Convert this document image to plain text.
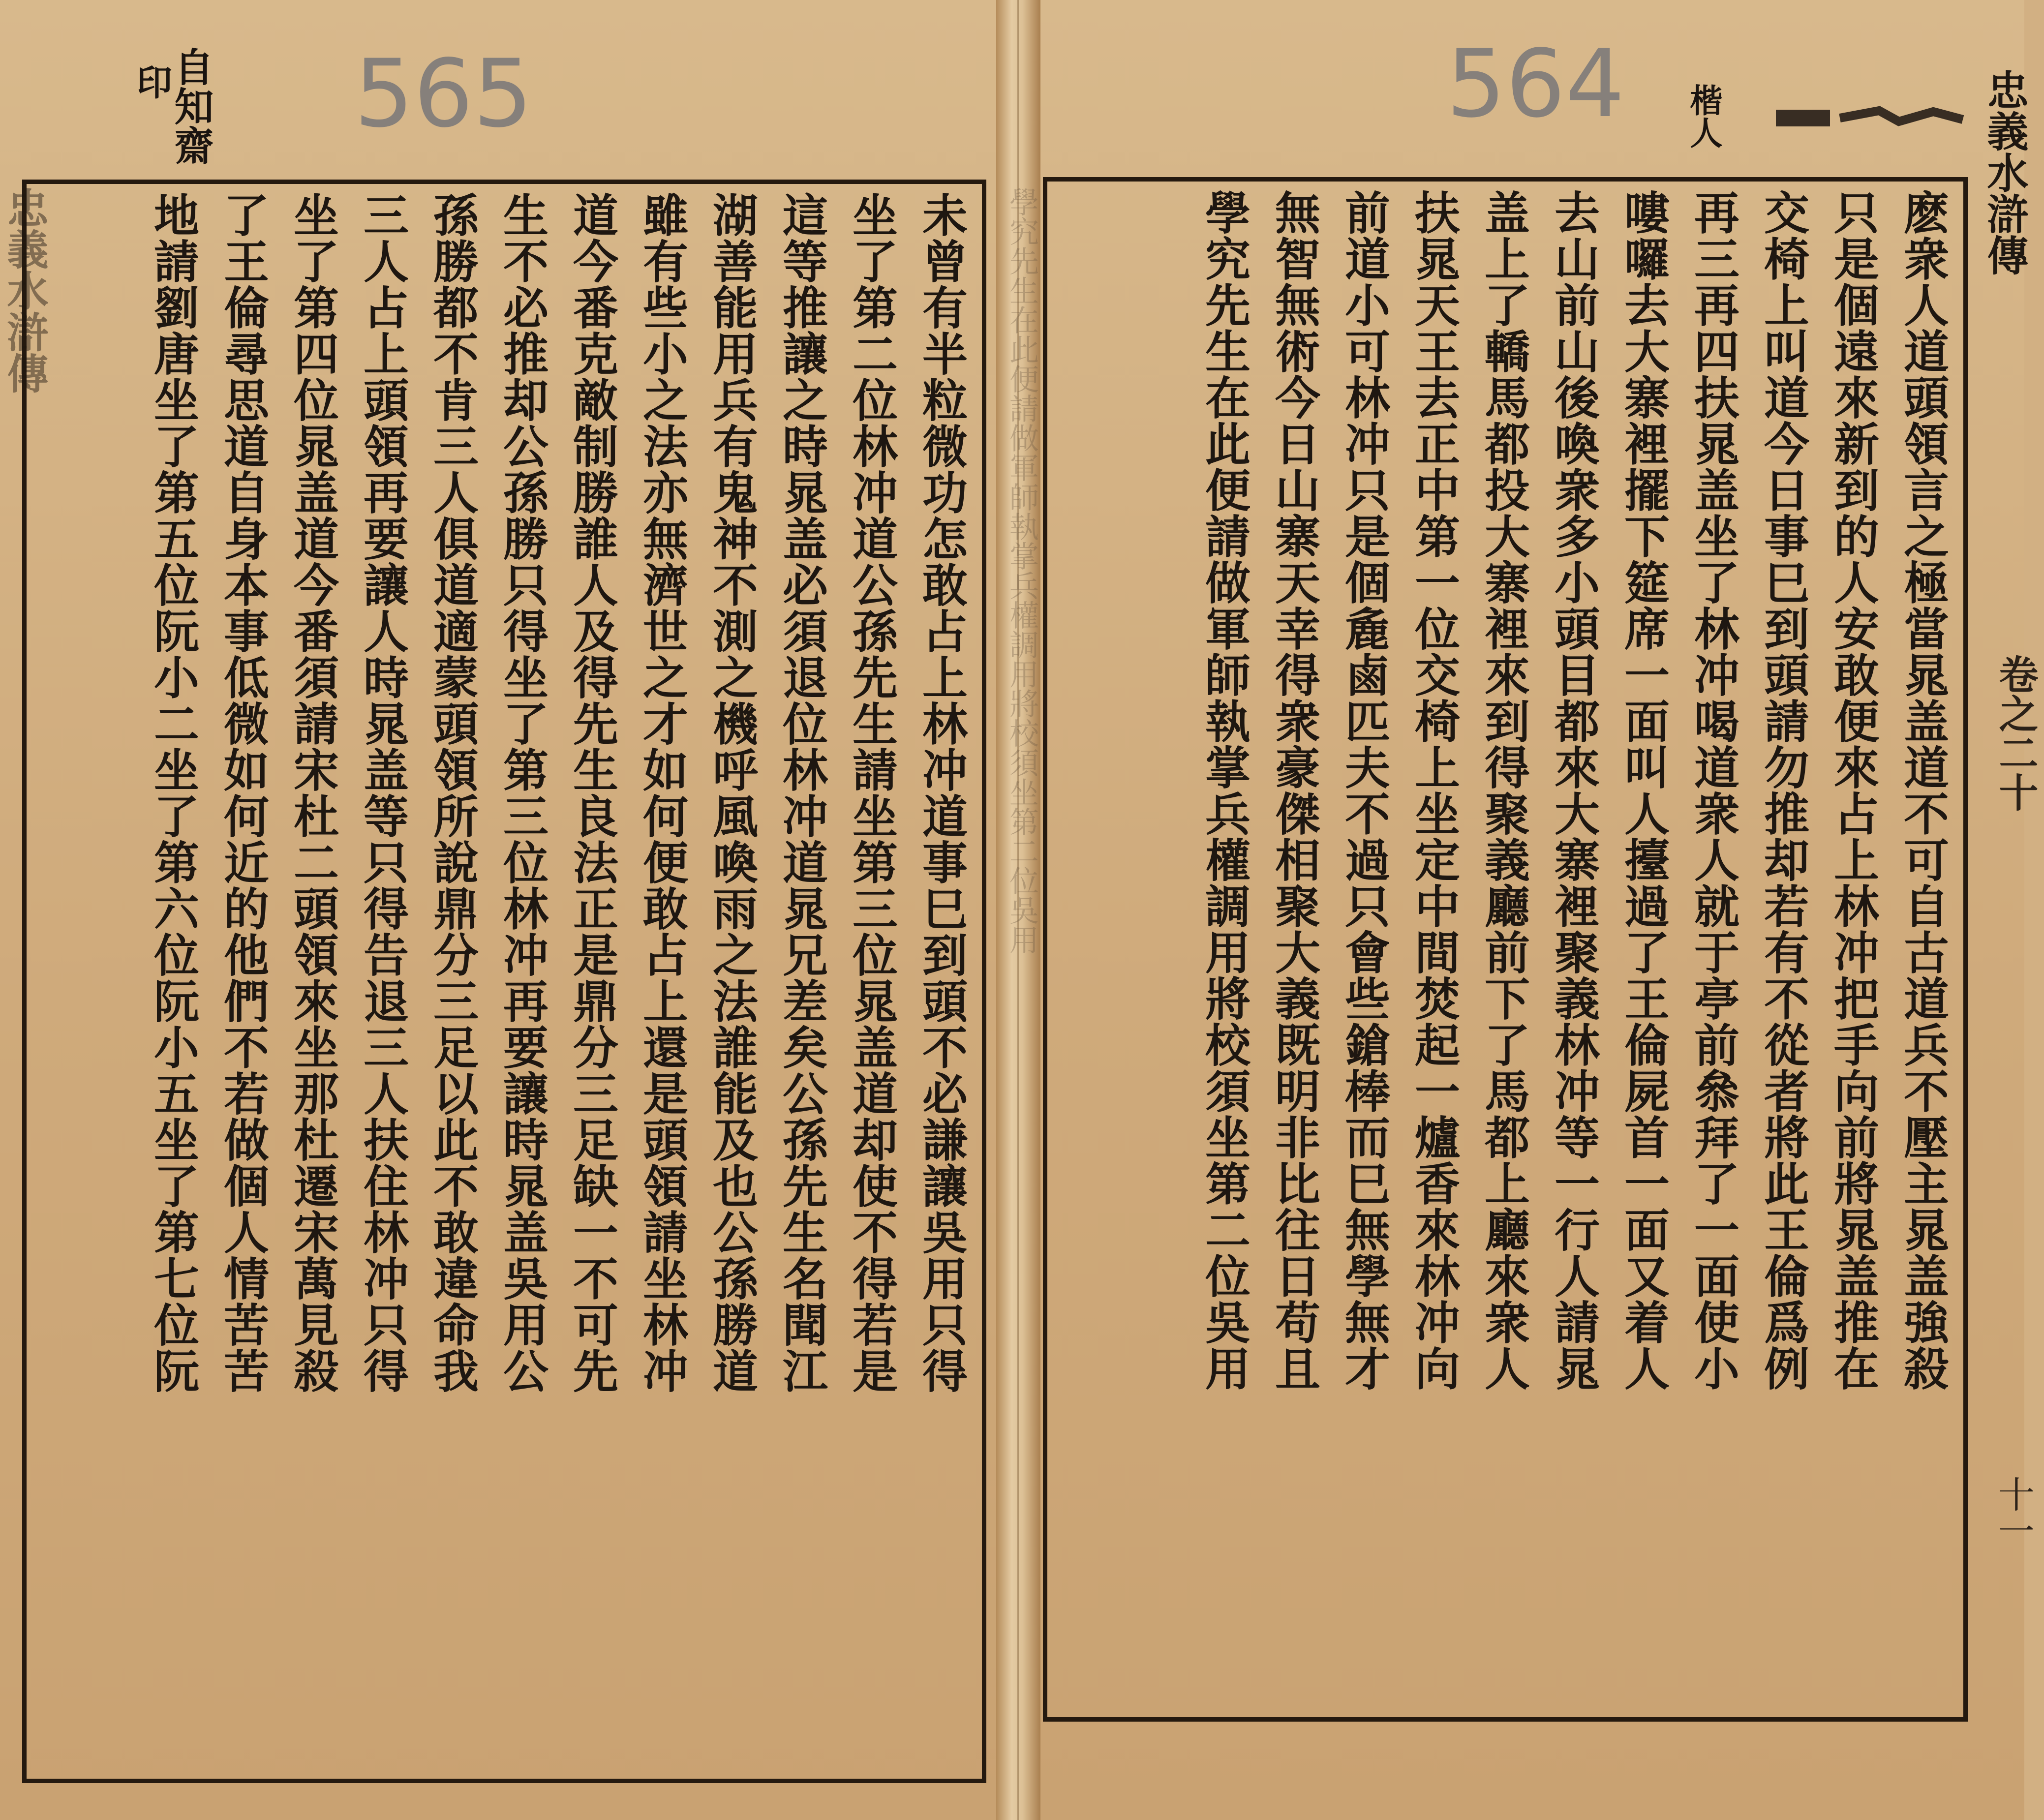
565	564
自知齋
印
楷人
忠義水滸傳
忠義水滸傳
卷之二十
十一
學究先生在此便請做軍師執掌兵權調用將校須坐第二位吳用	麽衆人道頭領言之極當晁盖道不可自古道兵不壓主晁盖強殺
只是個遠來新到的人安敢便來占上林冲把手向前將晁盖推在
交椅上叫道今日事巳到頭請勿推却若有不從者將此王倫爲例
再三再四扶晁盖坐了林冲喝道衆人就于亭前叅拜了一面使小
嘍囉去大寨裡擺下筵席一面叫人擡過了王倫屍首一面又着人
去山前山後喚衆多小頭目都來大寨裡聚義林冲等一行人請晁
盖上了轎馬都投大寨裡來到得聚義廳前下了馬都上廳來衆人
扶晁天王去正中第一位交椅上坐定中間焚起一爐香來林冲向
前道小可林冲只是個麁鹵匹夫不過只會些鎗棒而巳無學無才
無智無術今日山寨天幸得衆豪傑相聚大義既明非比往日苟且
學究先生在此便請做軍師執掌兵權調用將校須坐第二位吳用
未曾有半粒微功怎敢占上林冲道事巳到頭不必謙讓吳用只得
坐了第二位林冲道公孫先生請坐第三位晁盖道却使不得若是
這等推讓之時晁盖必須退位林冲道晁兄差矣公孫先生名聞江
湖善能用兵有鬼神不測之機呼風喚雨之法誰能及也公孫勝道
雖有些小之法亦無濟世之才如何便敢占上還是頭領請坐林冲
道今番克敵制勝誰人及得先生良法正是鼎分三足缺一不可先
生不必推却公孫勝只得坐了第三位林冲再要讓時晁盖吳用公
孫勝都不肯三人俱道適蒙頭領所說鼎分三足以此不敢違命我
三人占上頭領再要讓人時晁盖等只得告退三人扶住林冲只得
坐了第四位晁盖道今番須請宋杜二頭領來坐那杜遷宋萬見殺
了王倫尋思道自身本事低微如何近的他們不若做個人情苦苦
地請劉唐坐了第五位阮小二坐了第六位阮小五坐了第七位阮
